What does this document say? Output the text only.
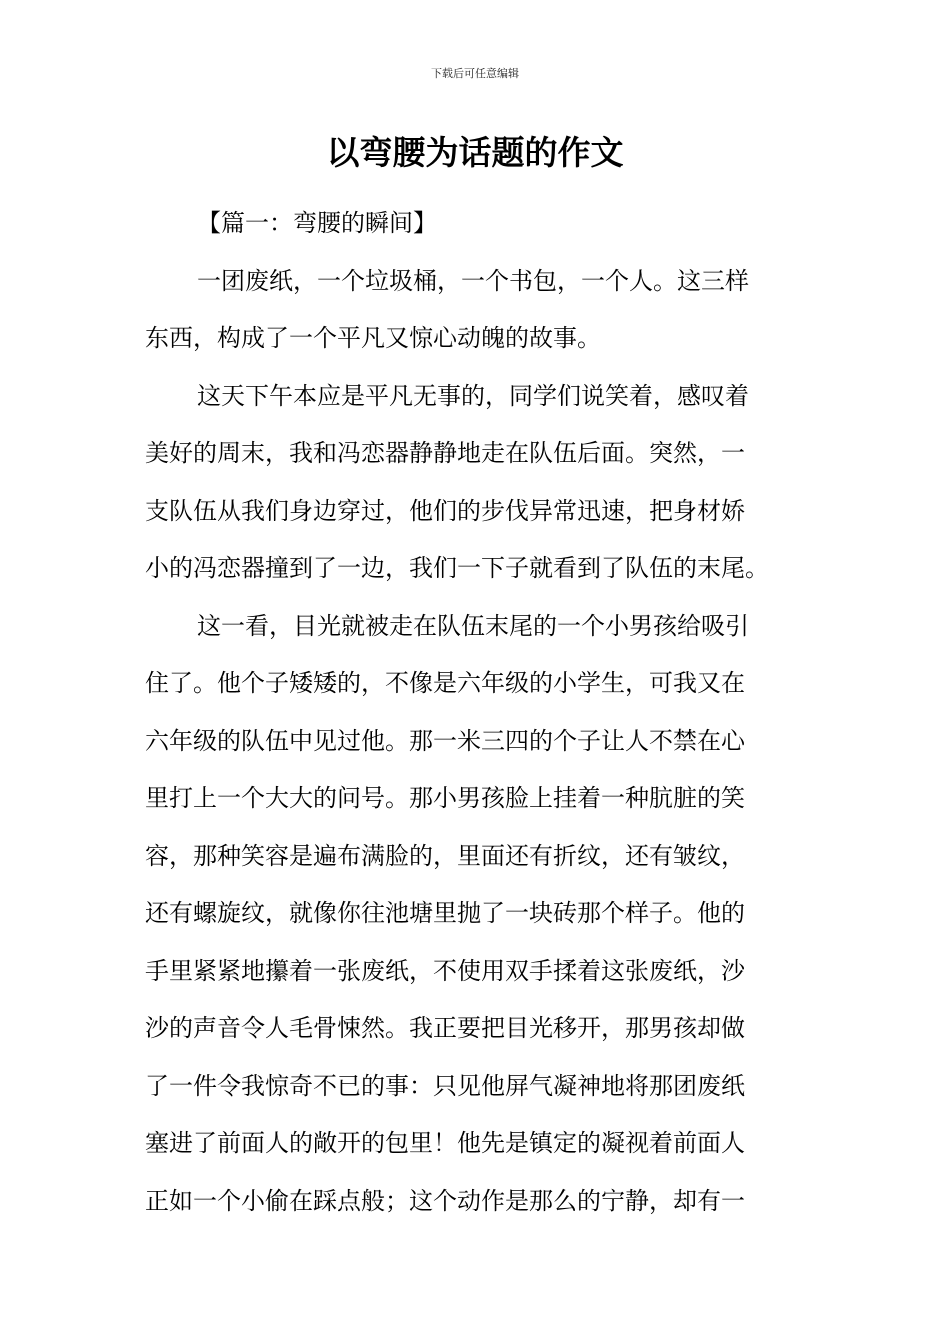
下载后可任意编辑
以弯腰为话题的作文
【篇一：弯腰的瞬间】
一团废纸，一个垃圾桶，一个书包，一个人。这三样
东西，构成了一个平凡又惊心动魄的故事。
这天下午本应是平凡无事的，同学们说笑着，感叹着
美好的周末，我和冯恋器静静地走在队伍后面。突然，一
支队伍从我们身边穿过，他们的步伐异常迅速，把身材娇
小的冯恋器撞到了一边，我们一下子就看到了队伍的末尾。
这一看，目光就被走在队伍末尾的一个小男孩给吸引
住了。他个子矮矮的，不像是六年级的小学生，可我又在
六年级的队伍中见过他。那一米三四的个子让人不禁在心
里打上一个大大的问号。那小男孩脸上挂着一种肮脏的笑
容，那种笑容是遍布满脸的，里面还有折纹，还有皱纹，
还有螺旋纹，就像你往池塘里抛了一块砖那个样子。他的
手里紧紧地攥着一张废纸，不使用双手揉着这张废纸，沙
沙的声音令人毛骨悚然。我正要把目光移开，那男孩却做
了一件令我惊奇不已的事：只见他屏气凝神地将那团废纸
塞进了前面人的敞开的包里！他先是镇定的凝视着前面人
正如一个小偷在踩点般；这个动作是那么的宁静，却有一
